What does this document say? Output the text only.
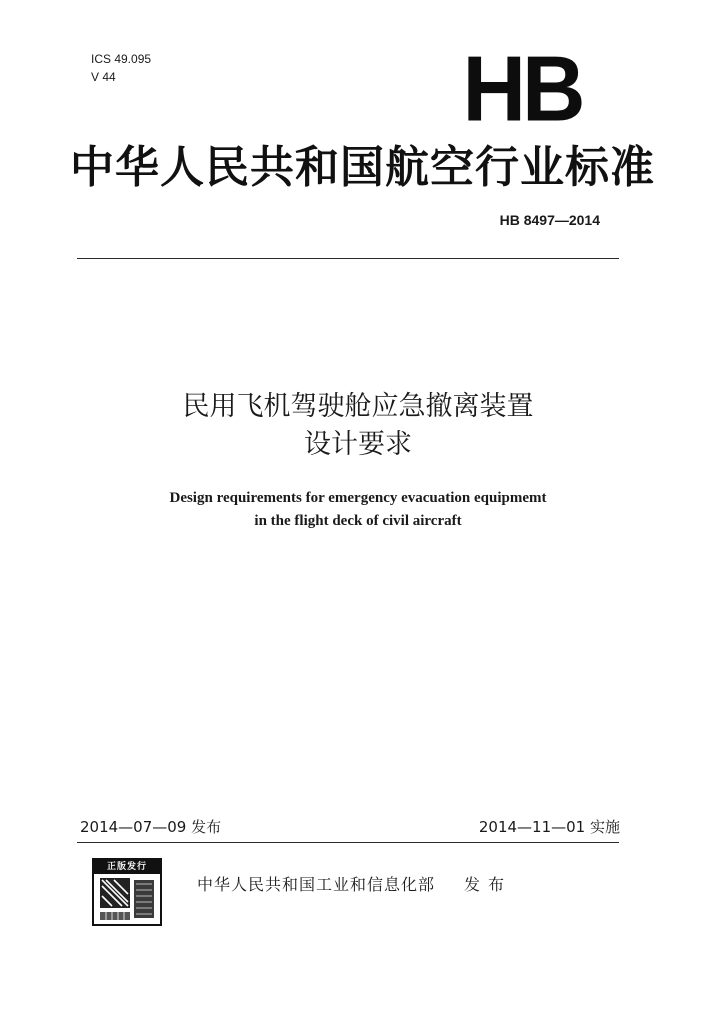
ICS 49.095
V 44	HB
中华人民共和国航空行业标准
HB 8497—2014
民用飞机驾驶舱应急撤离装置
设计要求
Design requirements for emergency evacuation equipmemt
in the flight deck of civil aircraft
2014—07—09 发布	2014—11—01 实施
正版发行
中华人民共和国工业和信息化部 发布
